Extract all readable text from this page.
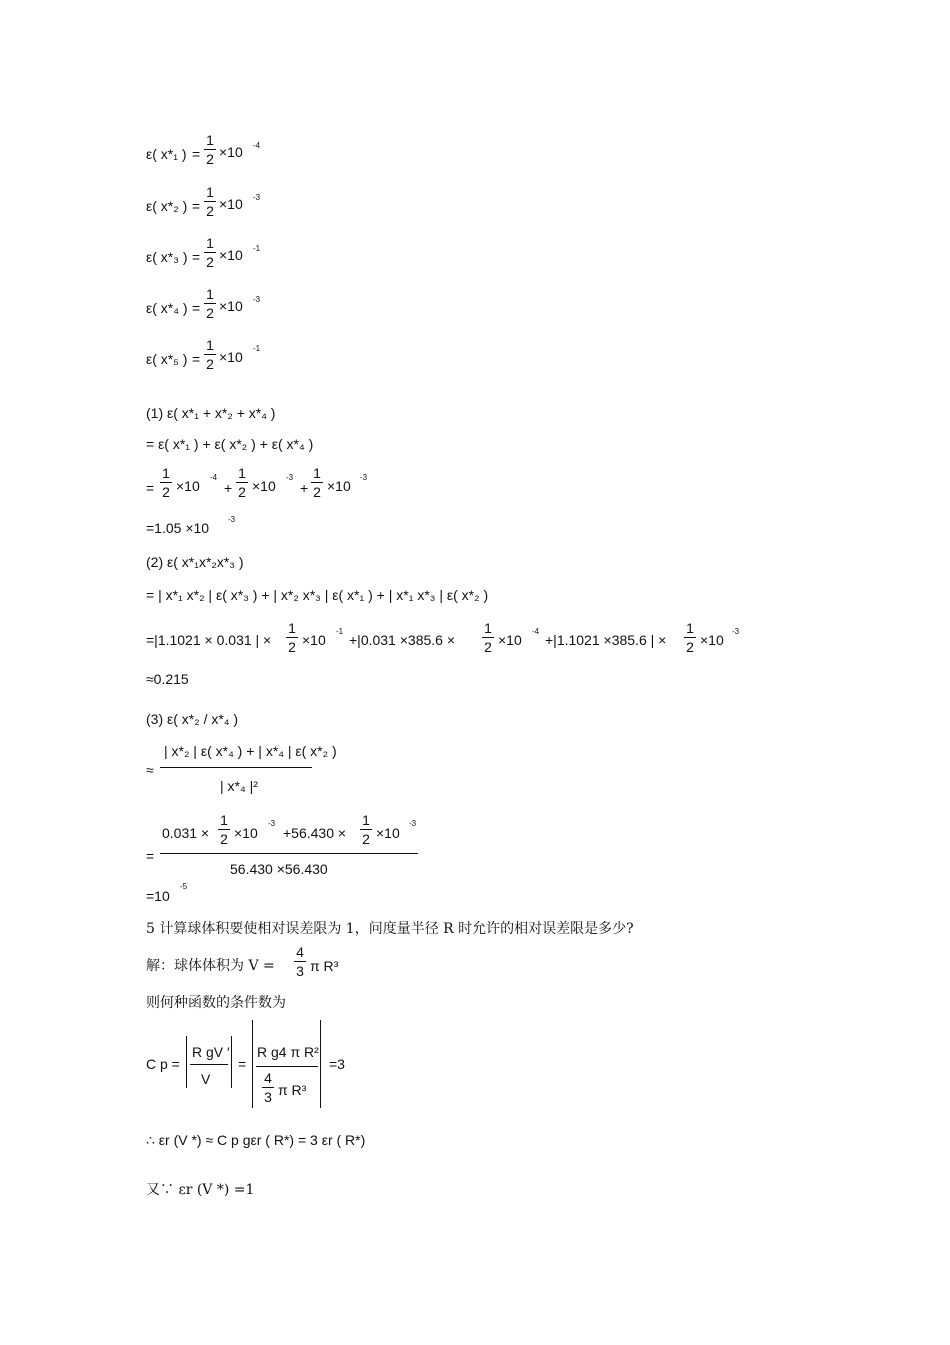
ε( x*₁ )
1
2
= ×10 -4
ε( x*₂ )
1
2
= ×10 -3
ε( x*₃ )
1
2
= ×10 -1
ε( x*₄ )
1
2
= ×10 -3
ε( x*₅ )
1
2
= ×10
-1
(1) ε( x*₁ + x*₂ + x*₄ )
= ε( x*₁ ) + ε( x*₂ ) + ε( x*₄ )
=
1
2 ×10
-4
+
1
2 ×10
-3
+
1
2 ×10
-3
=1.05 ×10
-3
(2) ε( x*₁x*₂x*₃ )
= | x*₁ x*₂ | ε( x*₃ ) + | x*₂ x*₃ | ε( x*₁ ) + | x*₁ x*₃ | ε( x*₂ )
=|1.1021 × 0.031 | ×
1
2 ×10
-1
+|0.031 ×385.6 ×
1
2 ×10
-4
+|1.1021 ×385.6 | ×
1
2 ×10
-3
≈0.215
(3) ε( x*₂ / x*₄ )
≈
| x*₂ | ε( x*₄ ) + | x*₄ | ε( x*₂ )
| x*₄ |²
=
0.031 ×
1
2 ×10
-3
+56.430 ×
1
2 ×10
-3
56.430 ×56.430
=10
-5
5 计算球体积要使相对误差限为 1，问度量半径 R 时允许的相对误差限是多少?
解：球体体积为 V =
4
3 π R³
则何种函数的条件数为
C p =
R gV ′
V
=
R g4 π R²
4
3 π R³
=3
∴ εr (V *) ≈ C p gεr ( R*) = 3 εr ( R*)
又∵ εr (V *) =1
